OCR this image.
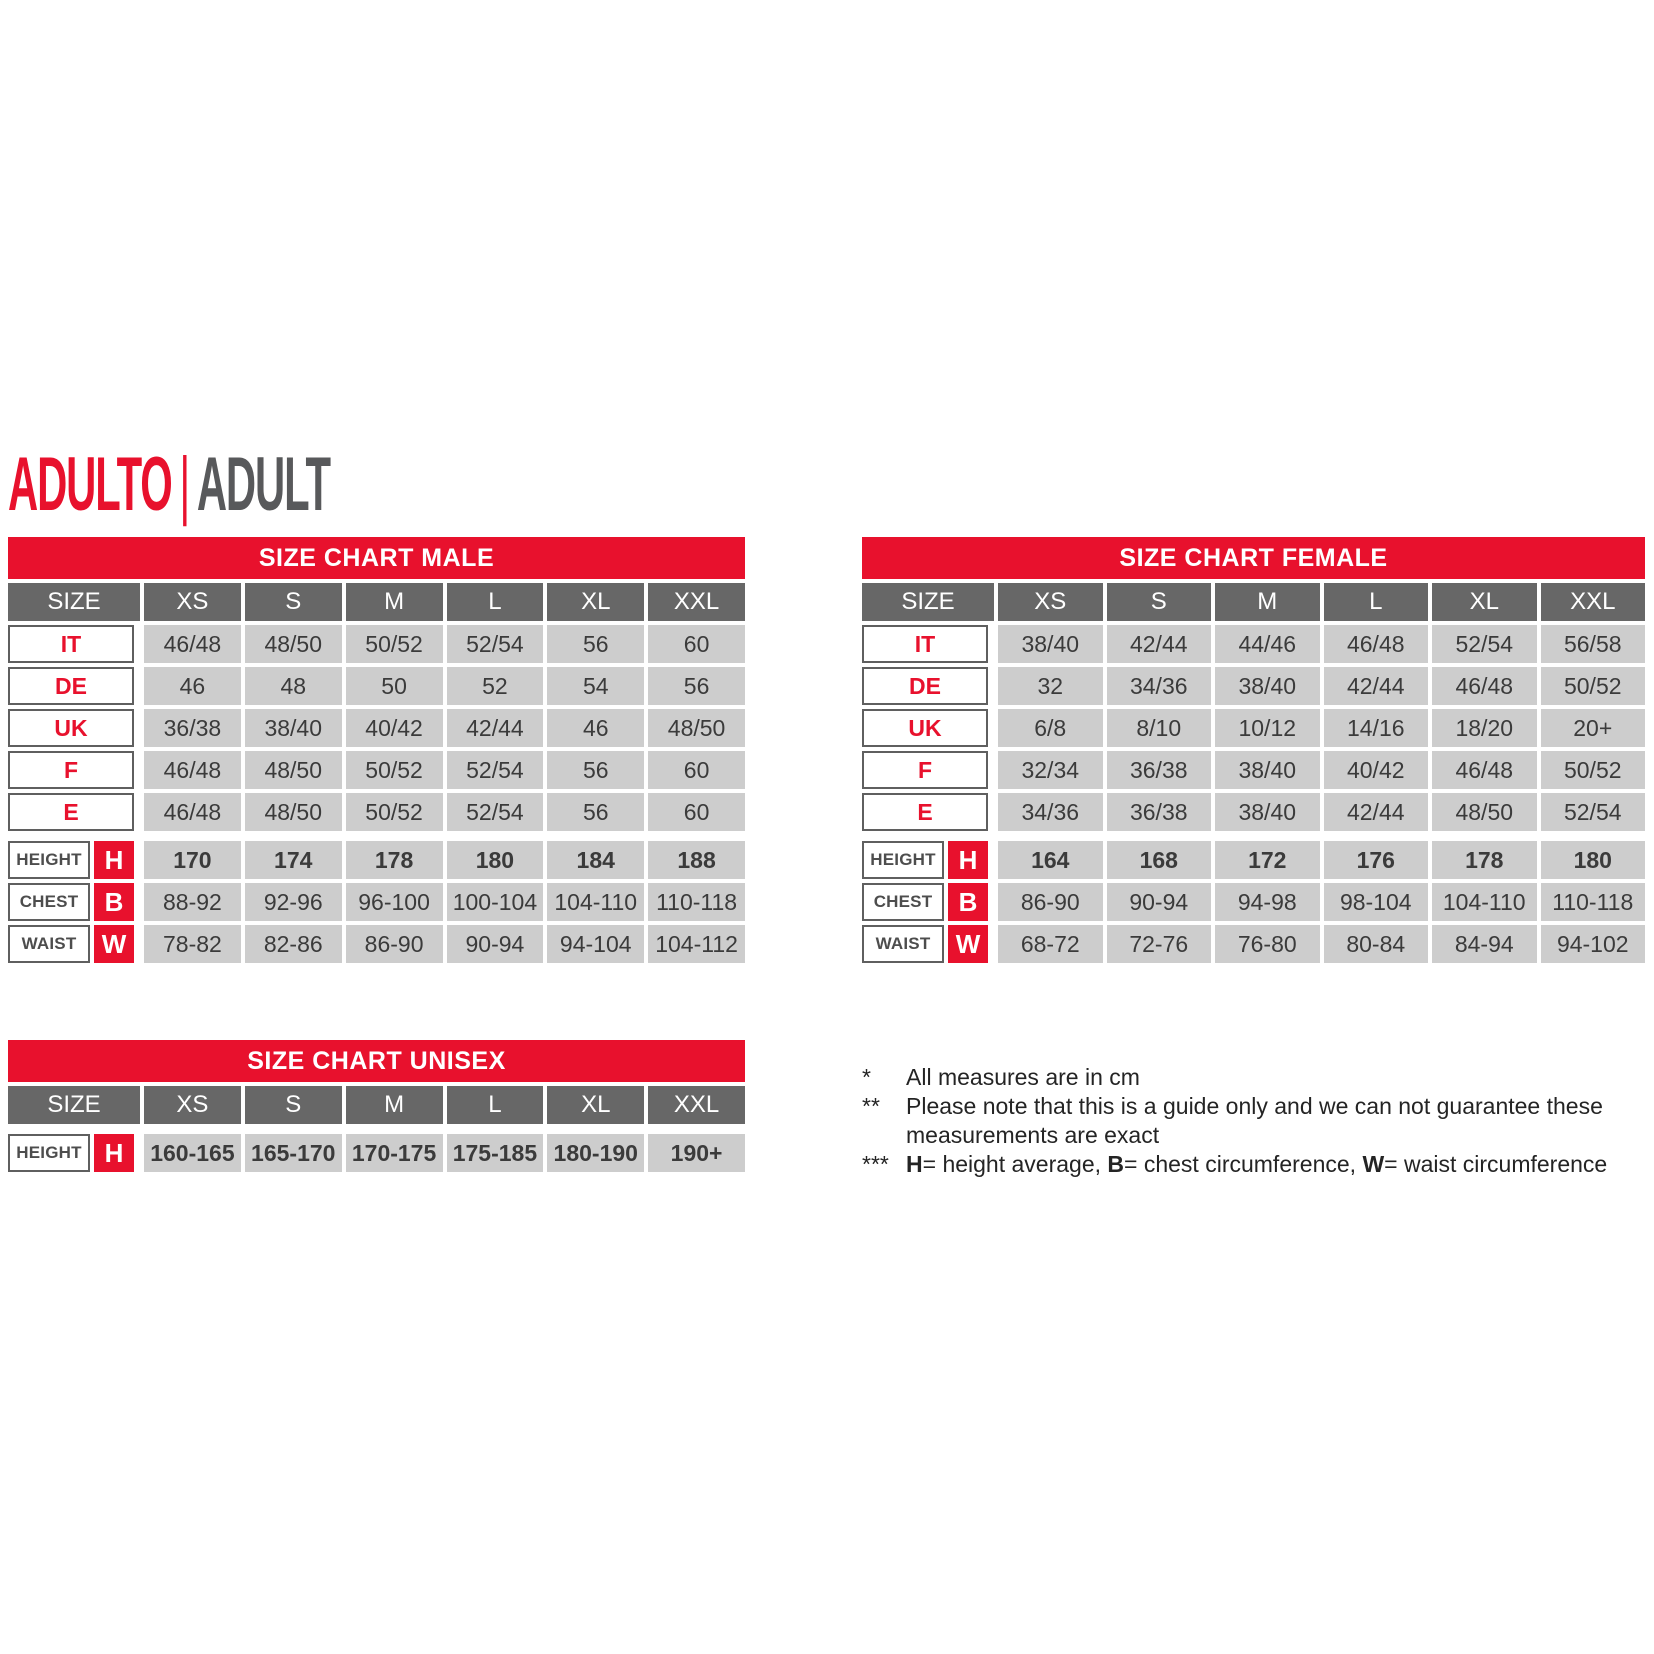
ADULTO | ADULT
SIZE CHART MALE
SIZE	XS	S	M	L	XL	XXL
IT	46/48	48/50	50/52	52/54	56	60
DE	46	48	50	52	54	56
UK	36/38	38/40	40/42	42/44	46	48/50
F	46/48	48/50	50/52	52/54	56	60
E	46/48	48/50	50/52	52/54	56	60
HEIGHT H	170	174	178	180	184	188
CHEST	B	88-92	92-96	96-100 100-104 104-110 110-118
WAIST W	78-82	82-86	86-90	90-94	94-104	104-112
SIZE CHART FEMALE
SIZE	XS	S	M	L	XL	XXL
IT	38/40	42/44	44/46	46/48	52/54	56/58
DE	32	34/36	38/40	42/44	46/48	50/52
UK	6/8	8/10	10/12	14/16	18/20	20+
F	32/34	36/38	38/40	40/42	46/48	50/52
E	34/36	36/38	38/40	42/44	48/50	52/54
HEIGHT H	164	168	172	176	178	180
CHEST	B	86-90	90-94	94-98	98-104	104-110	110-118
WAIST W	68-72	72-76	76-80	80-84	84-94	94-102
SIZE CHART UNISEX
SIZE	XS	S	M	L	XL	XXL
HEIGHT H	160-165 165-170 170-175 175-185 180-190	190+
*	All measures are in cm
**	Please note that this is a guide only and we can not guarantee these measurements are exact
*** H= height average, B= chest circumference, W= waist circumference
